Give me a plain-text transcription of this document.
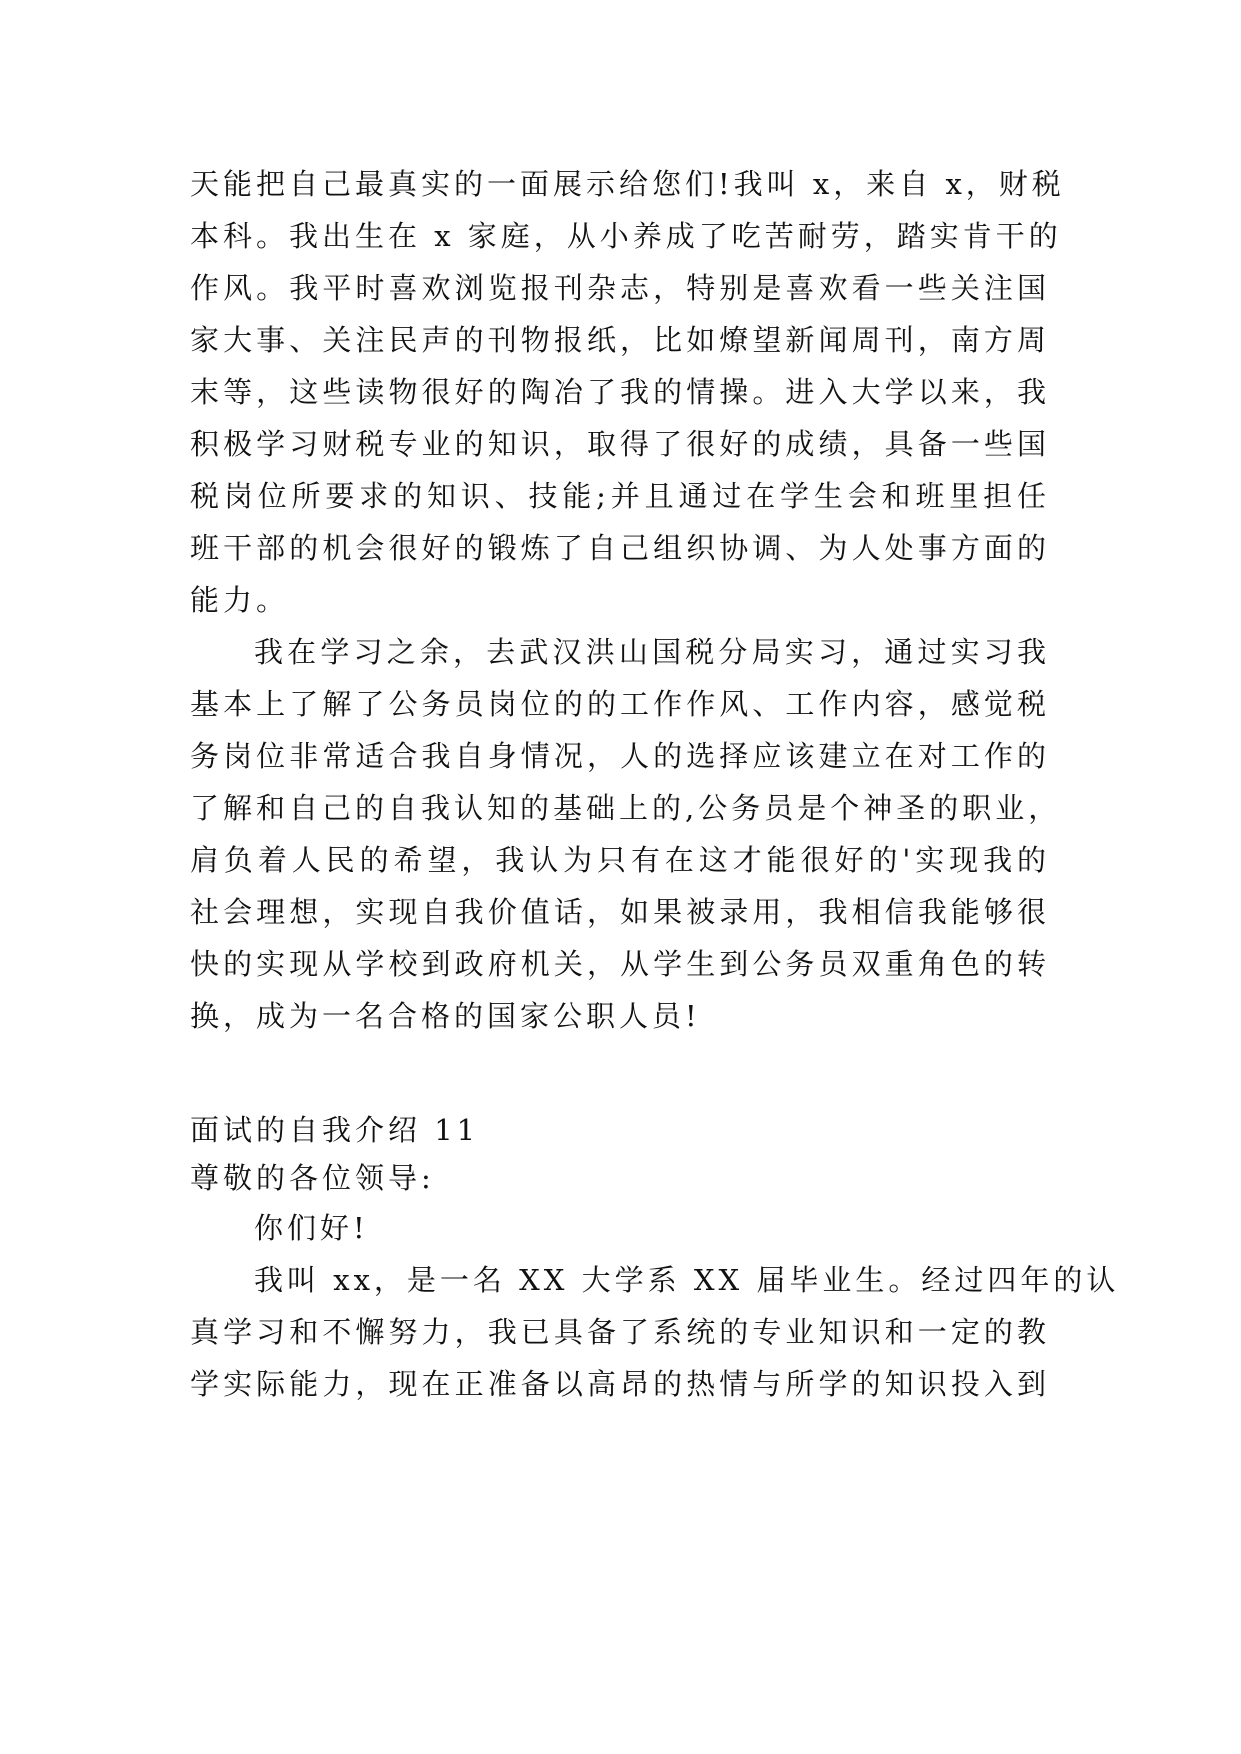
天能把自己最真实的一面展示给您们!我叫 x，来自 x，财税
本科。我出生在 x 家庭，从小养成了吃苦耐劳，踏实肯干的
作风。我平时喜欢浏览报刊杂志，特别是喜欢看一些关注国
家大事、关注民声的刊物报纸，比如燎望新闻周刊，南方周
末等，这些读物很好的陶冶了我的情操。进入大学以来，我
积极学习财税专业的知识，取得了很好的成绩，具备一些国
税岗位所要求的知识、技能;并且通过在学生会和班里担任
班干部的机会很好的锻炼了自己组织协调、为人处事方面的
能力。
我在学习之余，去武汉洪山国税分局实习，通过实习我
基本上了解了公务员岗位的的工作作风、工作内容，感觉税
务岗位非常适合我自身情况，人的选择应该建立在对工作的
了解和自己的自我认知的基础上的,公务员是个神圣的职业，
肩负着人民的希望，我认为只有在这才能很好的'实现我的
社会理想，实现自我价值话，如果被录用，我相信我能够很
快的实现从学校到政府机关，从学生到公务员双重角色的转
换，成为一名合格的国家公职人员!
面试的自我介绍 11
尊敬的各位领导:
你们好!
我叫 xx，是一名 XX 大学系 XX 届毕业生。经过四年的认
真学习和不懈努力，我已具备了系统的专业知识和一定的教
学实际能力，现在正准备以高昂的热情与所学的知识投入到
